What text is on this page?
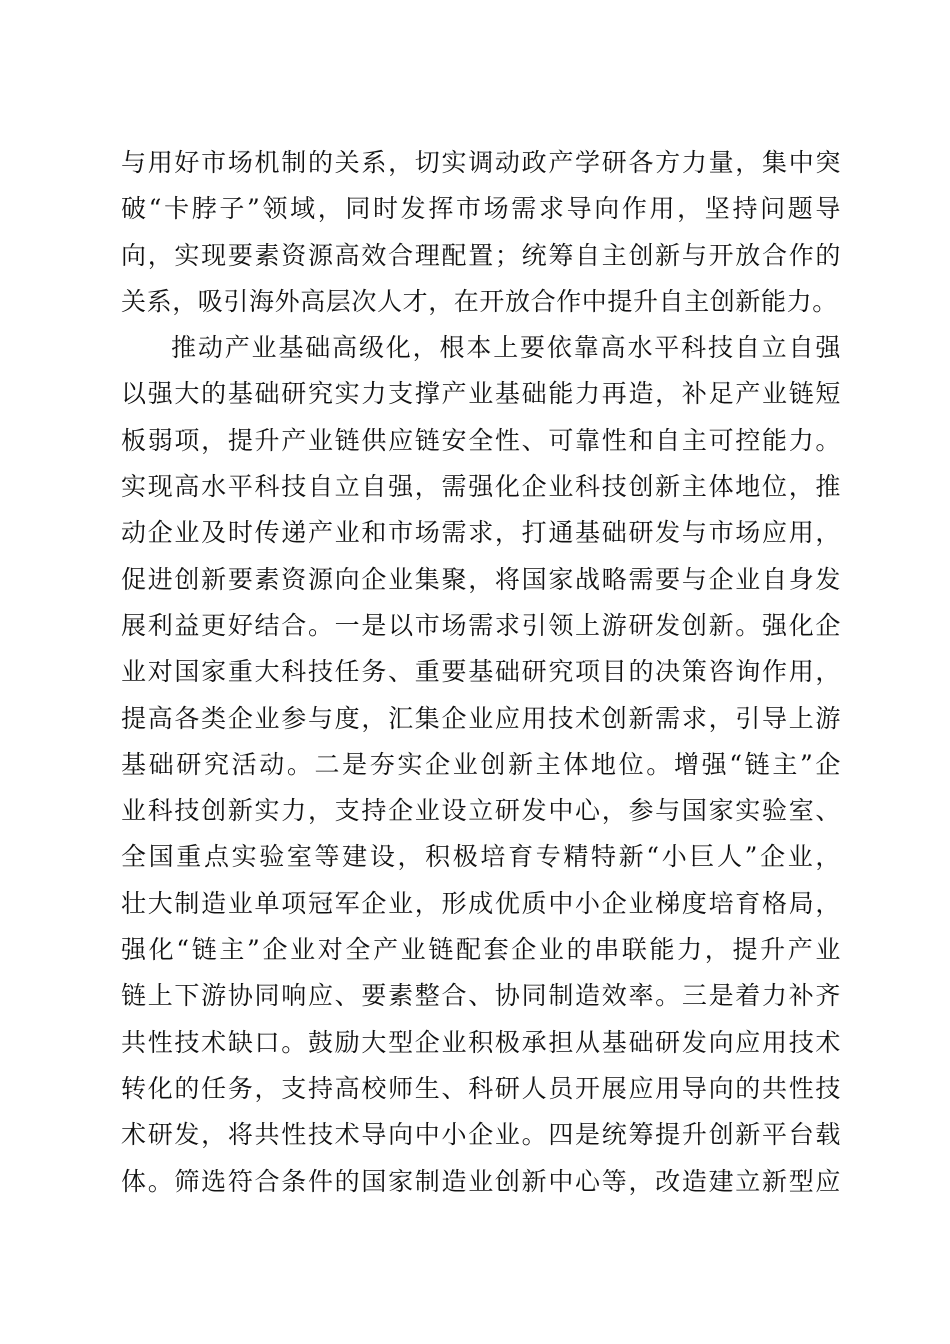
与用好市场机制的关系，切实调动政产学研各方力量，集中突
破“卡脖子”领域，同时发挥市场需求导向作用，坚持问题导
向，实现要素资源高效合理配置；统筹自主创新与开放合作的
关系，吸引海外高层次人才，在开放合作中提升自主创新能力。
推动产业基础高级化，根本上要依靠高水平科技自立自强
以强大的基础研究实力支撑产业基础能力再造，补足产业链短
板弱项，提升产业链供应链安全性、可靠性和自主可控能力。
实现高水平科技自立自强，需强化企业科技创新主体地位，推
动企业及时传递产业和市场需求，打通基础研发与市场应用，
促进创新要素资源向企业集聚，将国家战略需要与企业自身发
展利益更好结合。一是以市场需求引领上游研发创新。强化企
业对国家重大科技任务、重要基础研究项目的决策咨询作用，
提高各类企业参与度，汇集企业应用技术创新需求，引导上游
基础研究活动。二是夯实企业创新主体地位。增强“链主”企
业科技创新实力，支持企业设立研发中心，参与国家实验室、
全国重点实验室等建设，积极培育专精特新“小巨人”企业，
壮大制造业单项冠军企业，形成优质中小企业梯度培育格局，
强化“链主”企业对全产业链配套企业的串联能力，提升产业
链上下游协同响应、要素整合、协同制造效率。三是着力补齐
共性技术缺口。鼓励大型企业积极承担从基础研发向应用技术
转化的任务，支持高校师生、科研人员开展应用导向的共性技
术研发，将共性技术导向中小企业。四是统筹提升创新平台载
体。筛选符合条件的国家制造业创新中心等，改造建立新型应
